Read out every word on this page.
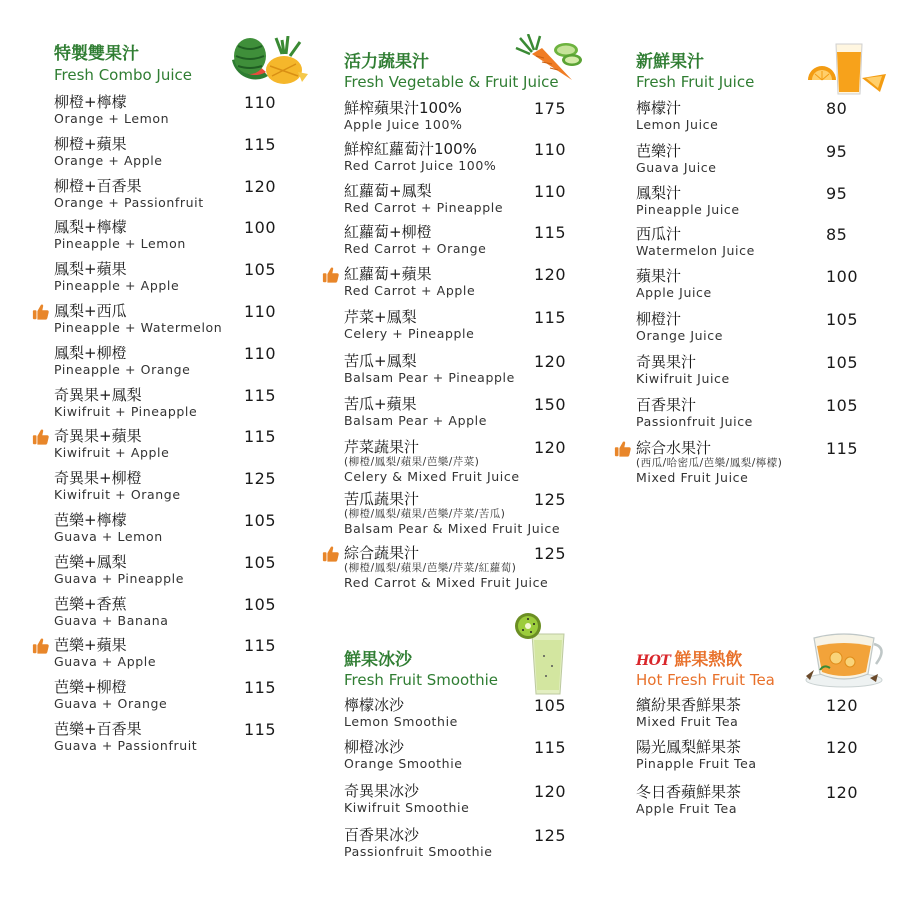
特製雙果汁
Fresh Combo Juice
柳橙+檸檬
Orange + Lemon
110
柳橙+蘋果
Orange + Apple
115
柳橙+百香果
Orange + Passionfruit
120
鳳梨+檸檬
Pineapple + Lemon
100
鳳梨+蘋果
Pineapple + Apple
105
鳳梨+西瓜
Pineapple + Watermelon
110
鳳梨+柳橙
Pineapple + Orange
110
奇異果+鳳梨
Kiwifruit + Pineapple
115
奇異果+蘋果
Kiwifruit + Apple
115
奇異果+柳橙
Kiwifruit + Orange
125
芭樂+檸檬
Guava + Lemon
105
芭樂+鳳梨
Guava + Pineapple
105
芭樂+香蕉
Guava + Banana
105
芭樂+蘋果
Guava + Apple
115
芭樂+柳橙
Guava + Orange
115
芭樂+百香果
Guava + Passionfruit
115
活力蔬果汁
Fresh Vegetable & Fruit Juice
鮮榨蘋果汁100%
Apple Juice 100%
175
鮮榨紅蘿蔔汁100%
Red Carrot Juice 100%
110
紅蘿蔔+鳳梨
Red Carrot + Pineapple
110
紅蘿蔔+柳橙
Red Carrot + Orange
115
紅蘿蔔+蘋果
Red Carrot + Apple
120
芹菜+鳳梨
Celery + Pineapple
115
苦瓜+鳳梨
Balsam Pear + Pineapple
120
苦瓜+蘋果
Balsam Pear + Apple
150
芹菜蔬果汁
(柳橙/鳳梨/蘋果/芭樂/芹菜)
Celery & Mixed Fruit Juice
120
苦瓜蔬果汁
(柳橙/鳳梨/蘋果/芭樂/芹菜/苦瓜)
Balsam Pear & Mixed Fruit Juice
125
綜合蔬果汁
(柳橙/鳳梨/蘋果/芭樂/芹菜/紅蘿蔔)
Red Carrot & Mixed Fruit Juice
125
鮮果冰沙
Fresh Fruit Smoothie
檸檬冰沙
Lemon Smoothie
105
柳橙冰沙
Orange Smoothie
115
奇異果冰沙
Kiwifruit Smoothie
120
百香果冰沙
Passionfruit Smoothie
125
新鮮果汁
Fresh Fruit Juice
檸檬汁
Lemon Juice
80
芭樂汁
Guava Juice
95
鳳梨汁
Pineapple Juice
95
西瓜汁
Watermelon Juice
85
蘋果汁
Apple Juice
100
柳橙汁
Orange Juice
105
奇異果汁
Kiwifruit Juice
105
百香果汁
Passionfruit Juice
105
綜合水果汁
(西瓜/哈密瓜/芭樂/鳳梨/檸檬)
Mixed Fruit Juice
115
HOT 鮮果熱飲
Hot Fresh Fruit Tea
繽紛果香鮮果茶
Mixed Fruit Tea
120
陽光鳳梨鮮果茶
Pinapple Fruit Tea
120
冬日香蘋鮮果茶
Apple Fruit Tea
120
